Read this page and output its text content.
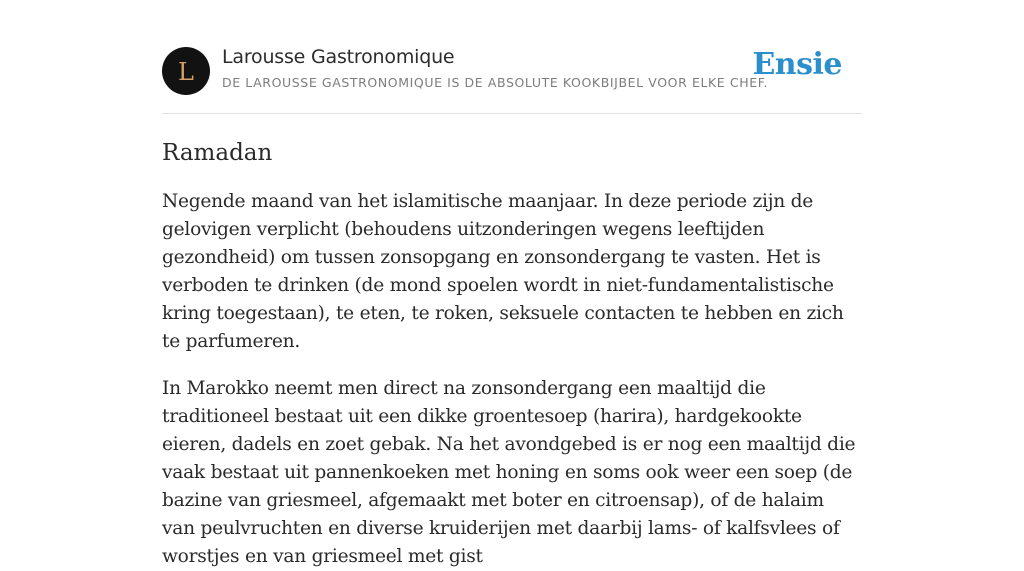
L
Larousse Gastronomique
DE LAROUSSE GASTRONOMIQUE IS DE ABSOLUTE KOOKBIJBEL VOOR ELKE CHEF.
Ensie
Ramadan

Negende maand van het islamitische maanjaar. In deze periode zijn de gelovigen verplicht (behoudens uitzonderingen wegens leeftijden gezondheid) om tussen zonsopgang en zonsondergang te vasten. Het is verboden te drinken (de mond spoelen wordt in niet-fundamentalistische kring toegestaan), te eten, te roken, seksuele contacten te hebben en zich te parfumeren.

In Marokko neemt men direct na zonsondergang een maaltijd die traditioneel bestaat uit een dikke groentesoep (harira), hardgekookte eieren, dadels en zoet gebak. Na het avondgebed is er nog een maaltijd die vaak bestaat uit pannenkoeken met honing en soms ook weer een soep (de bazine van griesmeel, afgemaakt met boter en citroensap), of de halaim van peulvruchten en diverse kruiderijen met daarbij lams- of kalfsvlees of worstjes en van griesmeel met gist
